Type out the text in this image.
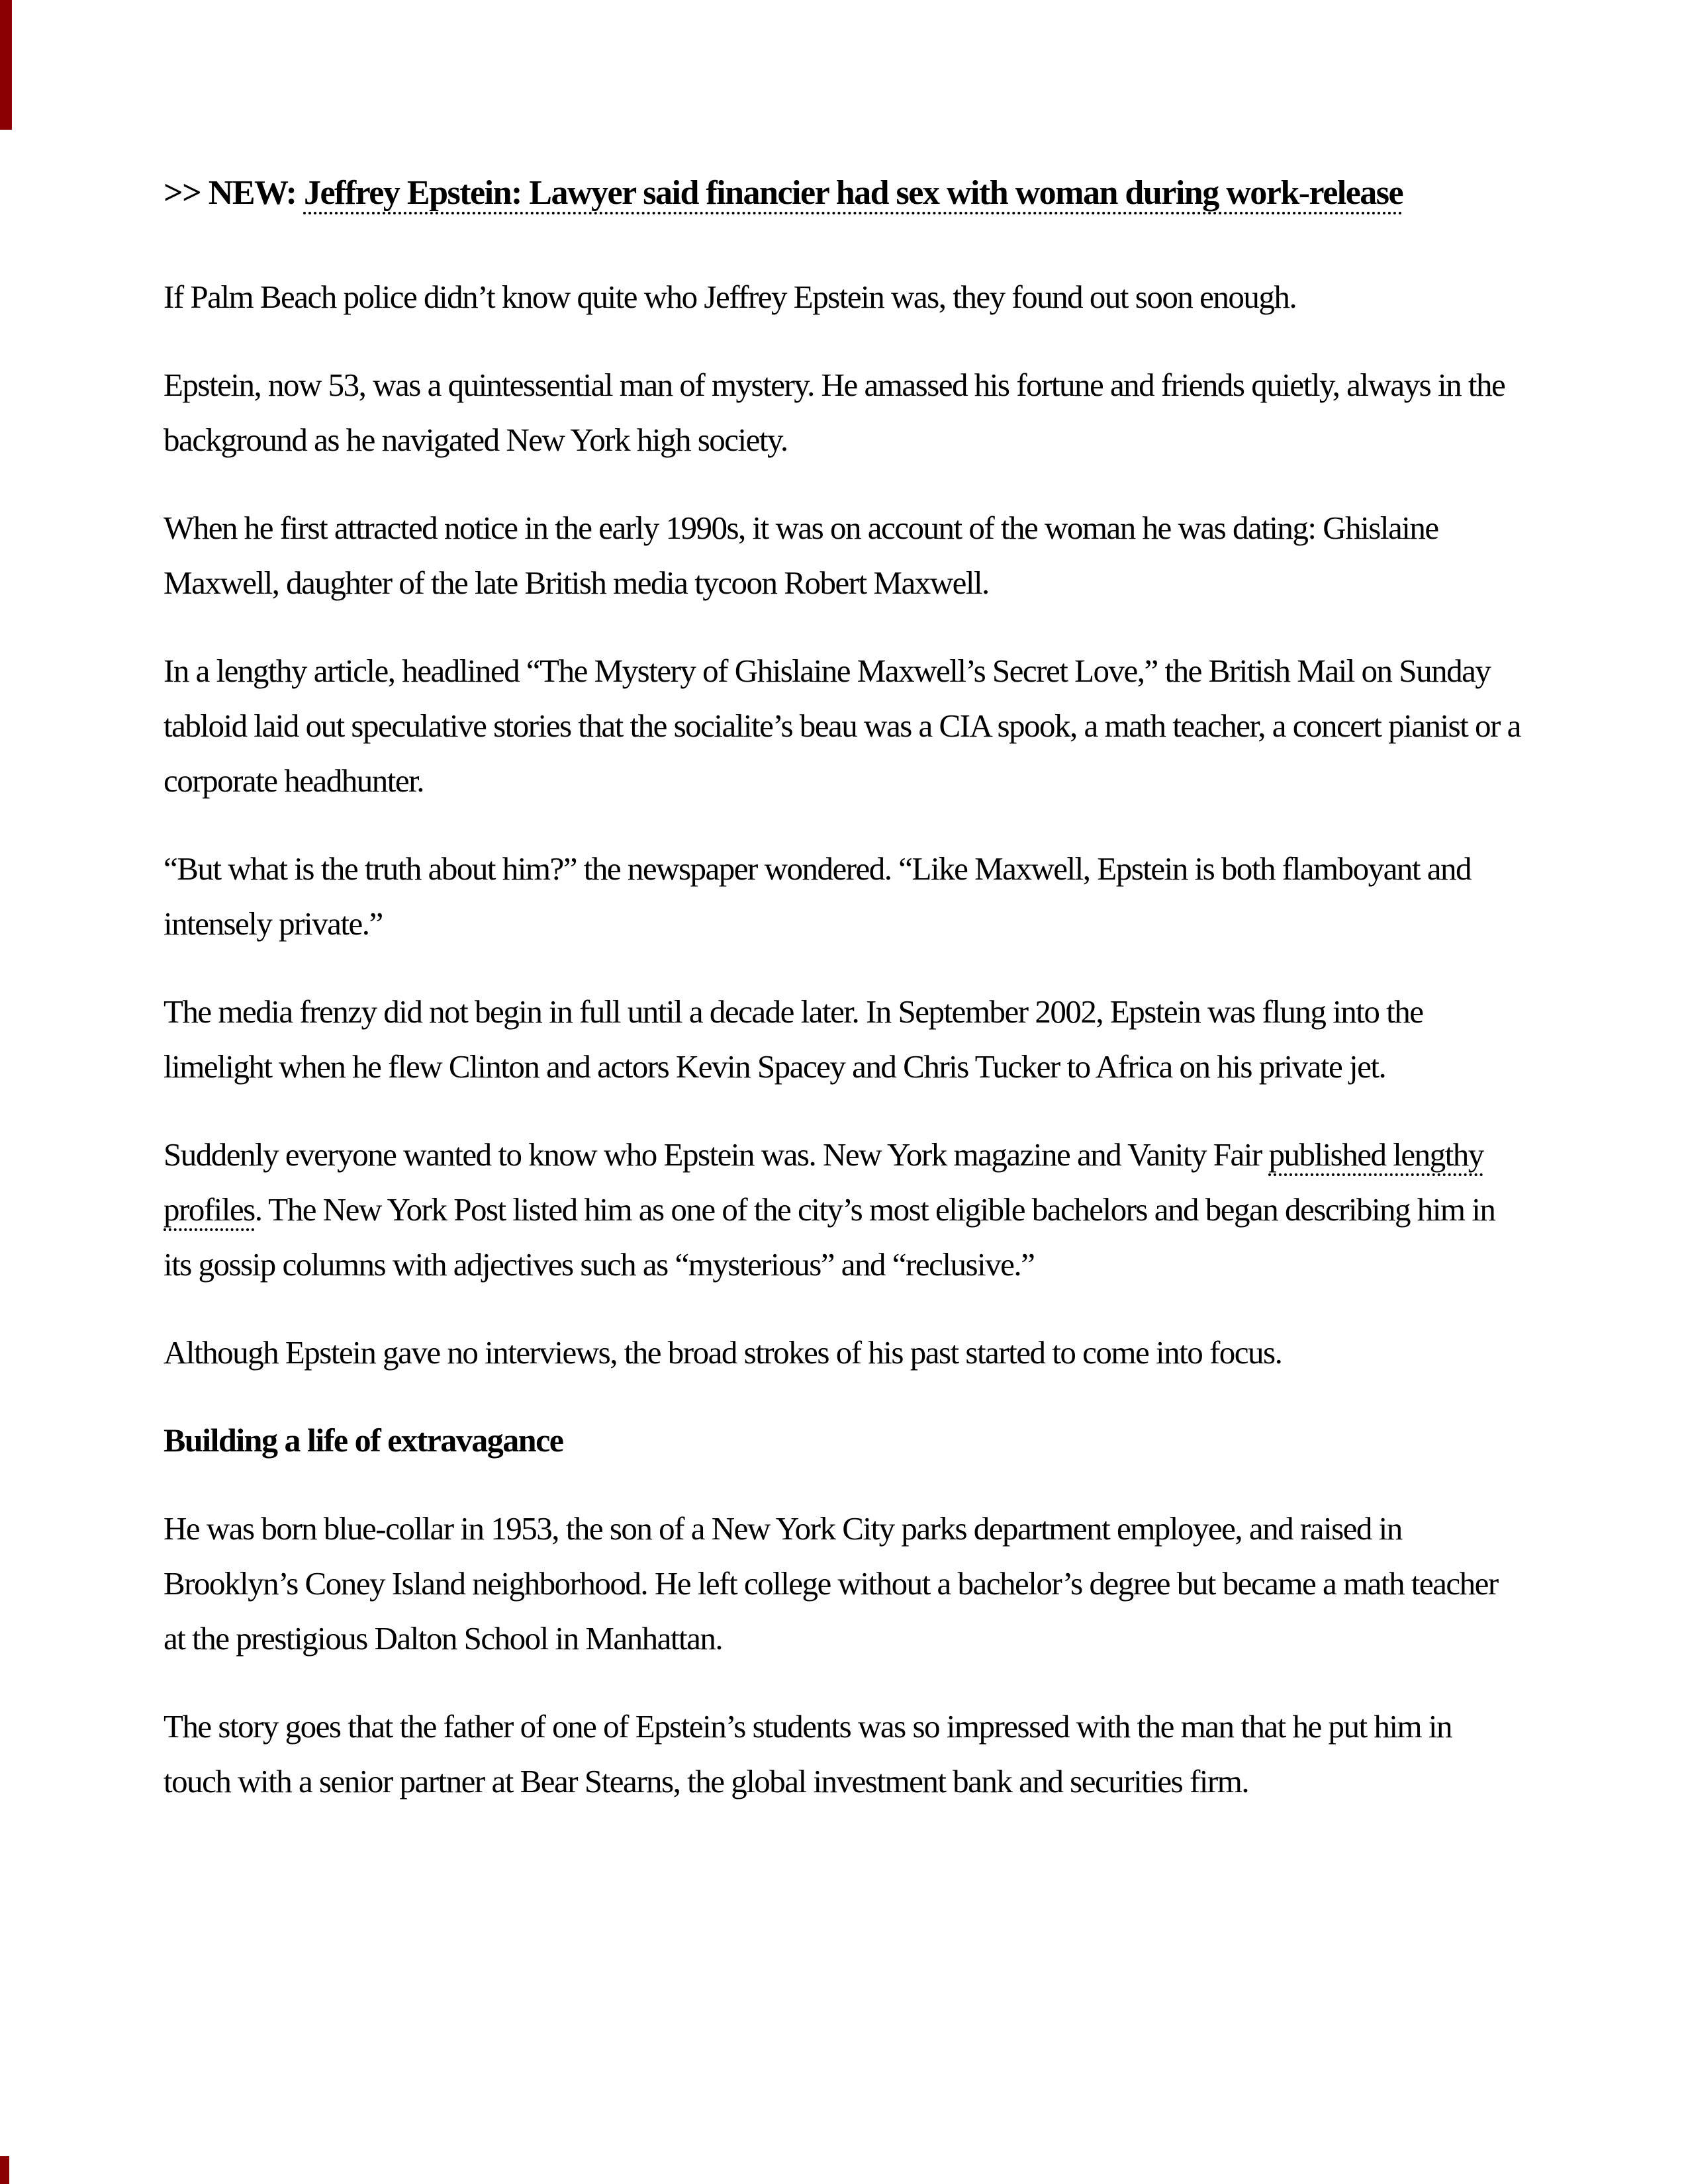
>> NEW: Jeffrey Epstein: Lawyer said financier had sex with woman during work-release

If Palm Beach police didn’t know quite who Jeffrey Epstein was, they found out soon enough.

Epstein, now 53, was a quintessential man of mystery. He amassed his fortune and friends quietly, always in the background as he navigated New York high society.

When he first attracted notice in the early 1990s, it was on account of the woman he was dating: Ghislaine Maxwell, daughter of the late British media tycoon Robert Maxwell.

In a lengthy article, headlined “The Mystery of Ghislaine Maxwell’s Secret Love,” the British Mail on Sunday tabloid laid out speculative stories that the socialite’s beau was a CIA spook, a math teacher, a concert pianist or a corporate headhunter.

“But what is the truth about him?” the newspaper wondered. “Like Maxwell, Epstein is both flamboyant and intensely private.”

The media frenzy did not begin in full until a decade later. In September 2002, Epstein was flung into the limelight when he flew Clinton and actors Kevin Spacey and Chris Tucker to Africa on his private jet.

Suddenly everyone wanted to know who Epstein was. New York magazine and Vanity Fair published lengthy profiles. The New York Post listed him as one of the city’s most eligible bachelors and began describing him in its gossip columns with adjectives such as “mysterious” and “reclusive.”

Although Epstein gave no interviews, the broad strokes of his past started to come into focus.

Building a life of extravagance

He was born blue-collar in 1953, the son of a New York City parks department employee, and raised in Brooklyn’s Coney Island neighborhood. He left college without a bachelor’s degree but became a math teacher at the prestigious Dalton School in Manhattan.

The story goes that the father of one of Epstein’s students was so impressed with the man that he put him in touch with a senior partner at Bear Stearns, the global investment bank and securities firm.
